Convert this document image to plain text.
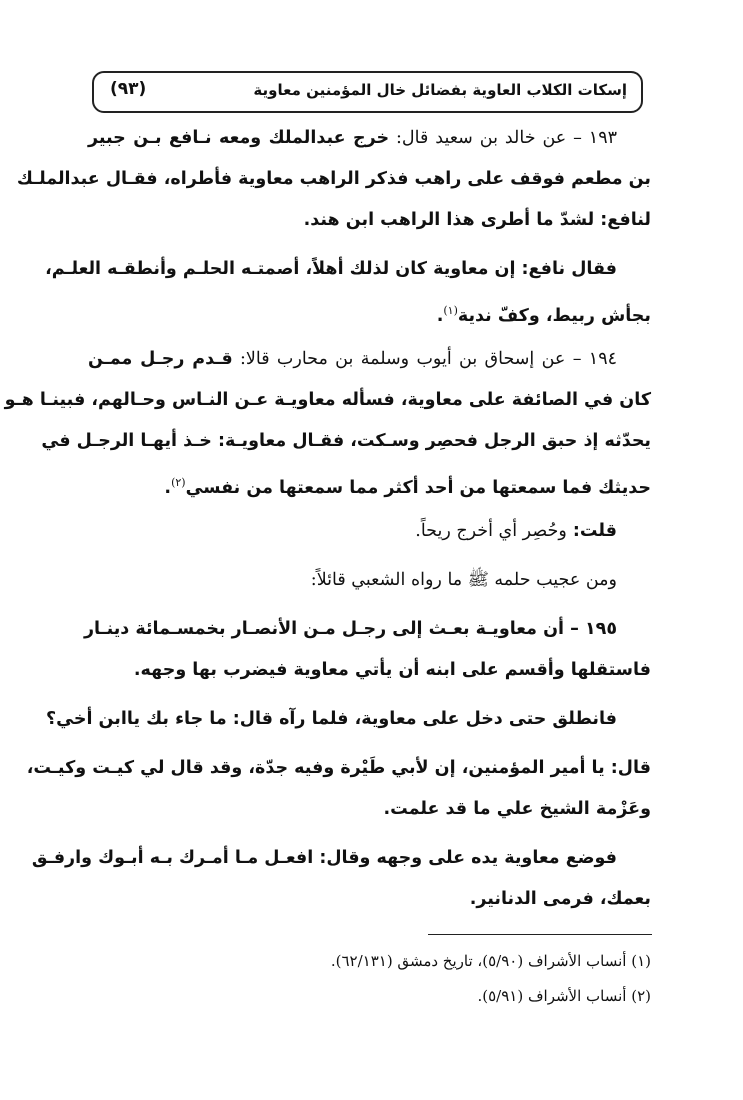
إسكات الكلاب العاوية بفضائل خال المؤمنين معاوية
(٩٣)
١٩٣ – عن خالد بن سعيد قال: خرج عبدالملك ومعه نـافع بـن جبير
بن مطعم فوقف على راهب فذكر الراهب معاوية فأطراه، فقـال عبدالملـك
لنافع: لشدّ ما أطرى هذا الراهب ابن هند.
فقال نافع: إن معاوية كان لذلك أهلاً، أصمتـه الحلـم وأنطقـه العلـم،
بجأش ربيط، وكفّ ندية$^{(١)}$.
١٩٤ – عن إسحاق بن أيوب وسلمة بن محارب قالا: قـدم رجـل ممـن
كان في الصائفة على معاوية، فسأله معاويـة عـن النـاس وحـالهم، فبينـا هـو
يحدّثه إذ حبق الرجل فحصِر وسـكت، فقـال معاويـة: خـذ أيهـا الرجـل في
حديثك فما سمعتها من أحد أكثر مما سمعتها من نفسي$^{(٢)}$.
قلت: وحُصِر أي أخرج ريحاً.
ومن عجيب حلمه ﷺ ما رواه الشعبي قائلاً:
١٩٥ – أن معاويـة بعـث إلى رجـل مـن الأنصـار بخمسـمائة دينـار
فاستقلها وأقسم على ابنه أن يأتي معاوية فيضرب بها وجهه.
فانطلق حتى دخل على معاوية، فلما رآه قال: ما جاء بك ياابن أخي؟
قال: يا أمير المؤمنين، إن لأبي طَيْرة وفيه جدّة، وقد قال لي كيـت وكيـت،
وعَزْمة الشيخ علي ما قد علمت.
فوضع معاوية يده على وجهه وقال: افعـل مـا أمـرك بـه أبـوك وارفـق
بعمك، فرمى الدنانير.
(١) أنساب الأشراف (٥/٩٠)، تاريخ دمشق (٦٢/١٣١).
(٢) أنساب الأشراف (٥/٩١).
